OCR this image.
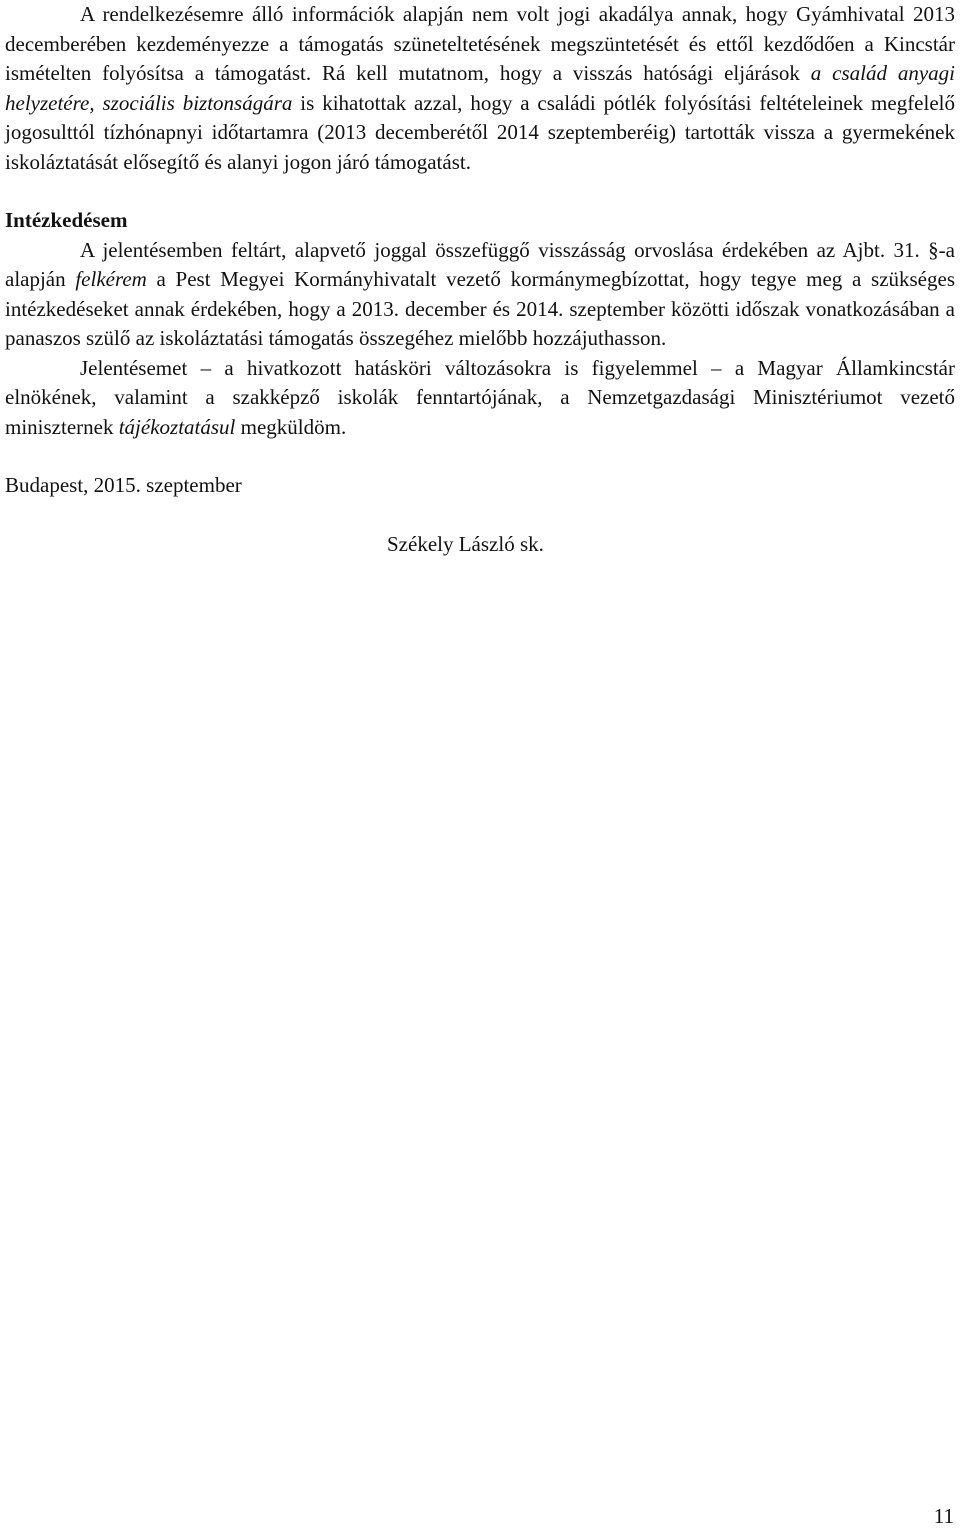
A rendelkezésemre álló információk alapján nem volt jogi akadálya annak, hogy Gyámhivatal 2013 decemberében kezdeményezze a támogatás szüneteltetésének megszüntetését és ettől kezdődően a Kincstár ismételten folyósítsa a támogatást. Rá kell mutatnom, hogy a visszás hatósági eljárások a család anyagi helyzetére, szociális biztonságára is kihatottak azzal, hogy a családi pótlék folyósítási feltételeinek megfelelő jogosulttól tízhónapnyi időtartamra (2013 decemberétől 2014 szeptemberéig) tartották vissza a gyermekének iskoláztatását elősegítő és alanyi jogon járó támogatást.

Intézkedésem

A jelentésemben feltárt, alapvető joggal összefüggő visszásság orvoslása érdekében az Ajbt. 31. §-a alapján felkérem a Pest Megyei Kormányhivatalt vezető kormánymegbízottat, hogy tegye meg a szükséges intézkedéseket annak érdekében, hogy a 2013. december és 2014. szeptember közötti időszak vonatkozásában a panaszos szülő az iskoláztatási támogatás összegéhez mielőbb hozzájuthasson.

Jelentésemet – a hivatkozott hatásköri változásokra is figyelemmel – a Magyar Államkincstár elnökének, valamint a szakképző iskolák fenntartójának, a Nemzetgazdasági Minisztériumot vezető miniszternek tájékoztatásul megküldöm.

Budapest, 2015. szeptember

Székely László sk.

11
